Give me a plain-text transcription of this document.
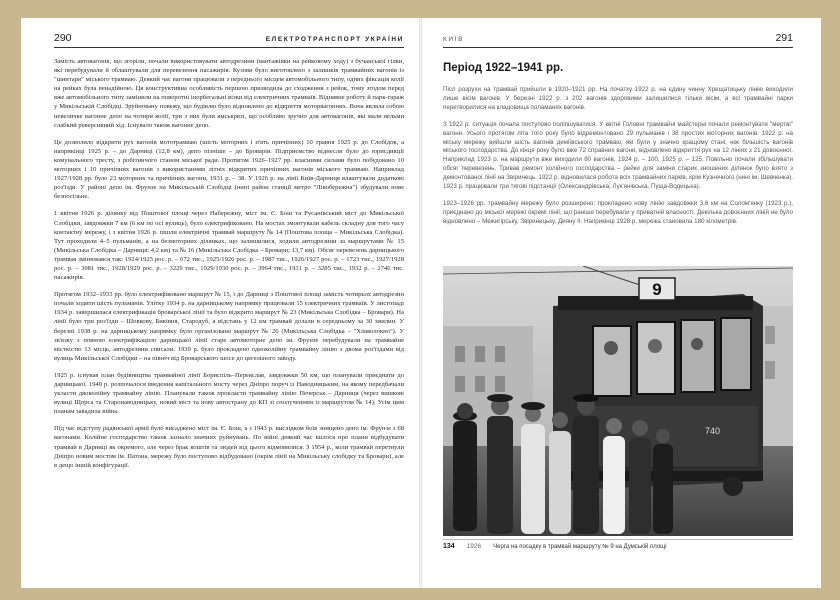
290	ЕЛЕКТРОТРАНСПОРТ УКРАЇНИ

Замість автовагонів, що згоріли, почали використовувати автодрезини (вантажівки на рейковому ходу) з бучанської гілки, які перебудували й облаштували для перевезення пасажирів. Кузови було виготовлено з залишків трамвайних вагонів із "шинтаря" міського трамваю. Деякий час вагони працювали з переднього місцем автомобільного типу, одних фіксація колії на рейках була венадійною. Ця конструктивна особливість першою призводила до сходження з рейок, тому згодом перед вже автомобільного типу замінили на поворотні інорбегальні візки від електричних трамваїв. Віднявне роботу й парк-гараж у Микільській Слобідці. Зруйновану повежу, що будівлю було відновлено до відкриття моторвагонних. Вона являла собою невеличке вагонне депо на чотири колії, три з них були ямськрвзі, що особливо зручно для автовагонів, які мали вельми слабкий реверсивний хід. Існувало також вагонне депо.

Це дозволило відкрити рух вагонів мототрамваю (шість моторних і п'ять причіпних) 10 травня 1925 р. до Слобідок, а наприкінці 1925 р. – до Дарниці (12,8 км), депо пізніше – до Броварів. Підприємство віднесли було до юрисдикції комунального тресту, з робітничого станом міської ради. Протягом 1926–1927 рр. власними силами було побудовано 10 моторних і 10 причіпних вагонів з використанням літніх відкритих причіпних вагонів міського трамваю. Наприклад 1927/1928 рр. було 23 моторних та причіпних вагони, 1931 р. – 38. У 1926 р. на лінії Київ-Дарниця влаштували додаткові роз'їзди. У районі депо ім. Фрунзе на Микільській Слобідці (нині район станції метро "Лівобережна") збудували нове безпосільне.

1 квітня 1926 р. ділянку від Поштової площі через Набережну, міст ім. Є. Бош та Русанівський міст до Микільської Слобідки, завдовжки 7 км (6 км по осі вулиць), було електрифіковано. На мостах змонтували кабель складну для того часу контактну мережу, і з квітня 1926 р. пішли електричні трамвай маршруту № 14 (Поштова площа – Микільська Слобідка). Тут проходили 4–5 пульманів, а на безмоторних ділянках, що залишилися, ходили автодрезини за маршрутами № 15 (Микільська Слобідка – Дарниця; 4,2 км) та № 16 (Микільська Слобідка – Бровари; 13,7 км). Обсяг перевезень дарницького трамвая змінювався так: 1924/1925 рос. р. – 672 тис., 1925/1926 рос. р. – 1987 тис., 1926/1927 рос. р. – 1723 тис., 1927/1928 рос. р. – 3081 тис., 1928/1929 рос. р. – 3229 тис., 1929/1930 рос. р. – 3964 тис., 1931 р. – 3285 тис., 1932 р. – 2746 тис. пасажирів.

Протягом 1932–1933 рр. було електрифіковано маршрут № 15, і до Дарниці з Поштової площі замість чотирьох автодрезин почали ходити шість пульманів. Улітку 1934 р. на дарницькому напрямку працювали 15 електричних трамваїв. У листопаді 1934 р. завершилася електрифікація броварської лінії та було відкрито маршрут № 23 (Микільська Слобідка – Бровари). На лінії було три роз'їзди – Шовкову, Биківня, Стародуб, а відстань у 12 км трамвай долали в середньому за 30 хвилин. У березні 1938 р. на дарницькому напрямку було організовано маршрут № 26 (Микільська Слобідка – "Хімволокно"). У зв'язку з повною електрифікацією дарницької лінії старе автомоторне депо ім. Фрунзе перебудували на трамвайне місткістю 13 місць, автодрезини списали. 1939 р. було прокладено одноколійну трамвайну лінію з двома роз'їздами від вулиць Микільської Слобідки – на північ від Броварського шосе до цегельного заводу.

1925 р. існував план будівництва трамвайної лінії Бориспіль–Переяслав, завдовжки 50 км, що планували приєднати до дарницької. 1940 р. розпочалося введення капітального мосту через Дніпро поруч із Наводницьким, на якому передбачали укласти двоколійну трамвайну лінію. Планували також прокласти трамвайну лінію Печерськ – Дарниця (через вишкові вулиці Щорса та Старонаводницьку, новий міст та нову автострану до КП зі сполученням із маршрутом № 14). Усім цим планам завадила війна.

Під час відступу радянської армії було висаджено міст ім. Є. Бош, а з 1943 р. вислідком боїв знищено депо ім. Фрунзе з 68 вагонами. Колійне господарство також зазнало значних руйнувань. По війні деякий час ішлося про плани відбудувати трамвай в Дарниці як окремого, але через брак коштів та людей від цього відмовилися. З 1954 р., коли трамвай перетнули Дніпро новим мостом ім. Патона, мережу було поступово відбудовано (окрім лінії на Микільську слобідку та Бровари), але в дещо іншій конфігурації.

КИЇВ	291
Період 1922–1941 рр.

Післ розрухи на трамвай прийшли в 1920–1921 рр. На початку 1922 р. на єдину чинну Хрещатицьку лінію виходили лише вісім вагонів. У березні 1922 р. з 202 вагонів здоровими залишилися тільки вісім, а всі трамвайні парки перетворилися на кладовища поламаних вагонів.

З 1922 р. ситуація почала поступово поліпшуватися. У квітні Головні трамвайні майстерні почали ремонтувати "мертві" вагони. Усього протягом літа того року було відремонтовано 29 пульманів і 38 простих моторних вагонів. 1922 р. на міську мережу вийшли шість вагонів деміївського трамваю, які були у значно кращому стані, ніж більшість вагонів міського господарства. До кінця року було вже 72 справних вагони, відновлено відкриття рух на 12 лініях з 21 довоєнної. Наприклад 1923 р. на маршрути вже виходили 80 вагонів, 1924 р. – 100, 1925 р. – 125. Повільно почали збільшувати обсяг перевезень. Тривав ремонт колійного господарства – рейки для заміни старих зношених ділянок було взято з демонтованої лінії на Звіринець. 1922 р. відновилася робота всіх трамвайних парків, крім Кузнечного (нині ім. Шевченка). 1923 р. працювали три тягові підстанції (Олександрівська, Лук'янівська, Пуща-Водицька).

1923–1926 рр. трамвайну мережу було розширено: прокладено нову лінію завдовжки 3,6 км на Солом'янку (1923 р.), приєднано до міської мережі окремі лінії, що раніше перебували у приватній власності. Декілька довоєнних ліній не було відновлено – Межигірську, Звіринецьку, Дияну II. Наприкінці 1928 р. мережа становила 180 кілометрів.

9
740
134 1926 Черга на посадку в трамвай маршруту № 9 на Думській площі
